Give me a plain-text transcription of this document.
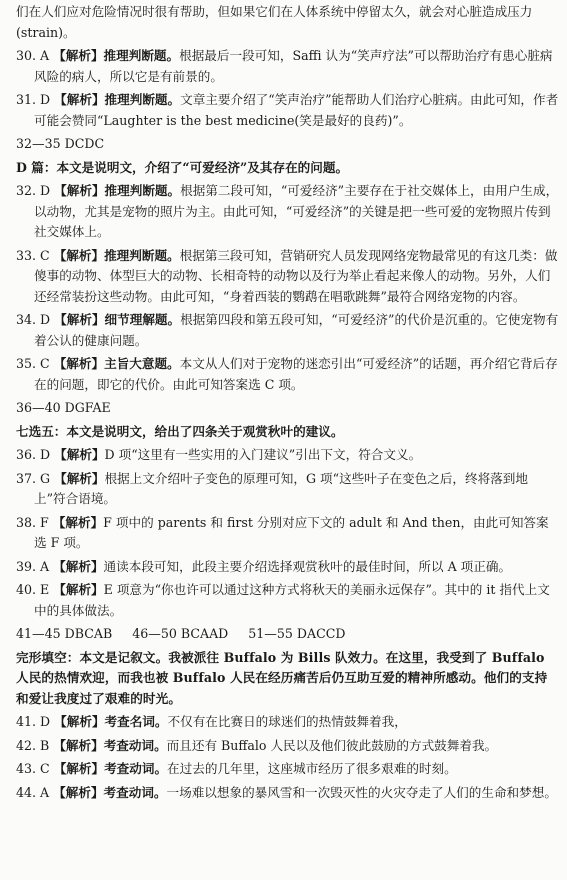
们在人们应对危险情况时很有帮助，但如果它们在人体系统中停留太久，就会对心脏造成压力(strain)。
30. A 【解析】推理判断题。根据最后一段可知，Saffi 认为“笑声疗法”可以帮助治疗有患心脏病风险的病人，所以它是有前景的。
31. D 【解析】推理判断题。文章主要介绍了“笑声治疗”能帮助人们治疗心脏病。由此可知，作者可能会赞同“Laughter is the best medicine(笑是最好的良药)”。
32—35 DCDC
D 篇：本文是说明文，介绍了“可爱经济”及其存在的问题。
32. D 【解析】推理判断题。根据第二段可知，“可爱经济”主要存在于社交媒体上，由用户生成，以动物，尤其是宠物的照片为主。由此可知，“可爱经济”的关键是把一些可爱的宠物照片传到社交媒体上。
33. C 【解析】推理判断题。根据第三段可知，营销研究人员发现网络宠物最常见的有这几类：做傻事的动物、体型巨大的动物、长相奇特的动物以及行为举止看起来像人的动物。另外，人们还经常装扮这些动物。由此可知，“身着西装的鹦鹉在唱歌跳舞”最符合网络宠物的内容。
34. D 【解析】细节理解题。根据第四段和第五段可知，“可爱经济”的代价是沉重的。它使宠物有着公认的健康问题。
35. C 【解析】主旨大意题。本文从人们对于宠物的迷恋引出“可爱经济”的话题，再介绍它背后存在的问题，即它的代价。由此可知答案选 C 项。
36—40 DGFAE
七选五：本文是说明文，给出了四条关于观赏秋叶的建议。
36. D 【解析】D 项“这里有一些实用的入门建议”引出下文，符合文义。
37. G 【解析】根据上文介绍叶子变色的原理可知，G 项“这些叶子在变色之后，终将落到地上”符合语境。
38. F 【解析】F 项中的 parents 和 first 分别对应下文的 adult 和 And then，由此可知答案选 F 项。
39. A 【解析】通读本段可知，此段主要介绍选择观赏秋叶的最佳时间，所以 A 项正确。
40. E 【解析】E 项意为“你也许可以通过这种方式将秋天的美丽永远保存”。其中的 it 指代上文中的具体做法。
41—45 DBCAB 46—50 BCAAD 51—55 DACCD
完形填空：本文是记叙文。我被派往 Buffalo 为 Bills 队效力。在这里，我受到了 Buffalo 人民的热情欢迎，而我也被 Buffalo 人民在经历痛苦后仍互助互爱的精神所感动。他们的支持和爱让我度过了艰难的时光。
41. D 【解析】考查名词。不仅有在比赛日的球迷们的热情鼓舞着我，
42. B 【解析】考查动词。而且还有 Buffalo 人民以及他们彼此鼓励的方式鼓舞着我。
43. C 【解析】考查动词。在过去的几年里，这座城市经历了很多艰难的时刻。
44. A 【解析】考查动词。一场难以想象的暴风雪和一次毁灭性的火灾夺走了人们的生命和梦想。
